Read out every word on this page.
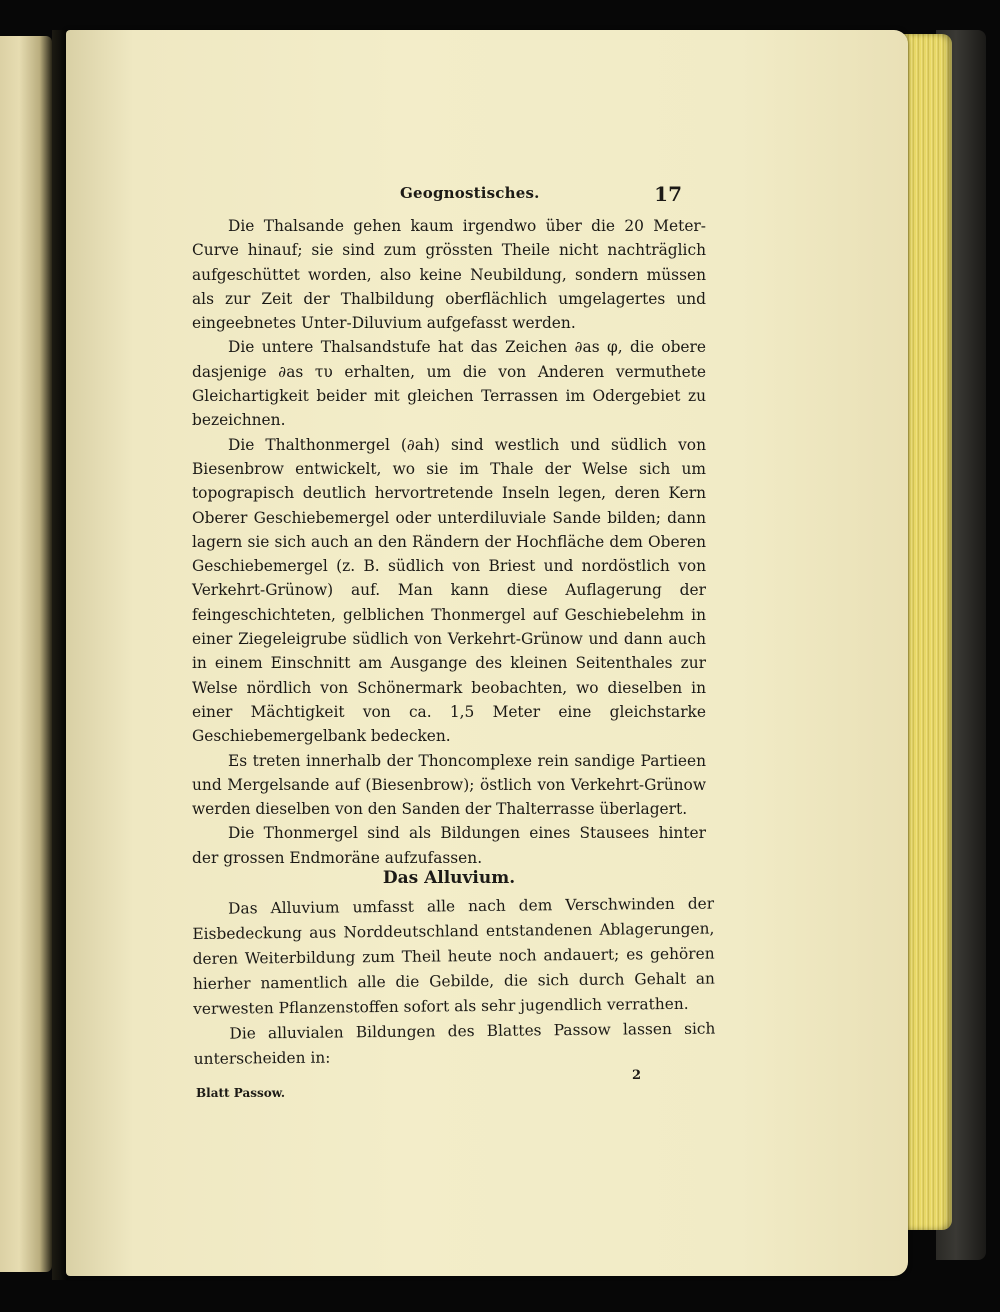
Geognostisches.	17

Die Thalsande gehen kaum irgendwo über die 20 Meter-Curve hinauf; sie sind zum grössten Theile nicht nachträglich aufgeschüttet worden, also keine Neubildung, sondern müssen als zur Zeit der Thalbildung oberflächlich umgelagertes und eingeebnetes Unter-Diluvium aufgefasst werden.

Die untere Thalsandstufe hat das Zeichen ∂as φ, die obere dasjenige ∂as τυ erhalten, um die von Anderen vermuthete Gleichartigkeit beider mit gleichen Terrassen im Odergebiet zu bezeichnen.

Die Thalthonmergel (∂ah) sind westlich und südlich von Biesenbrow entwickelt, wo sie im Thale der Welse sich um topograpisch deutlich hervortretende Inseln legen, deren Kern Oberer Geschiebemergel oder unterdiluviale Sande bilden; dann lagern sie sich auch an den Rändern der Hochfläche dem Oberen Geschiebemergel (z. B. südlich von Briest und nordöstlich von Verkehrt-Grünow) auf. Man kann diese Auflagerung der feingeschichteten, gelblichen Thonmergel auf Geschiebelehm in einer Ziegeleigrube südlich von Verkehrt-Grünow und dann auch in einem Einschnitt am Ausgange des kleinen Seitenthales zur Welse nördlich von Schönermark beobachten, wo dieselben in einer Mächtigkeit von ca. 1,5 Meter eine gleichstarke Geschiebemergelbank bedecken.

Es treten innerhalb der Thoncomplexe rein sandige Partieen und Mergelsande auf (Biesenbrow); östlich von Verkehrt-Grünow werden dieselben von den Sanden der Thalterrasse überlagert.

Die Thonmergel sind als Bildungen eines Stausees hinter der grossen Endmoräne aufzufassen.

Das Alluvium.

Das Alluvium umfasst alle nach dem Verschwinden der Eisbedeckung aus Norddeutschland entstandenen Ablagerungen, deren Weiterbildung zum Theil heute noch andauert; es gehören hierher namentlich alle die Gebilde, die sich durch Gehalt an verwesten Pflanzenstoffen sofort als sehr jugendlich verrathen.

Die alluvialen Bildungen des Blattes Passow lassen sich unterscheiden in:

Blatt Passow.
2
